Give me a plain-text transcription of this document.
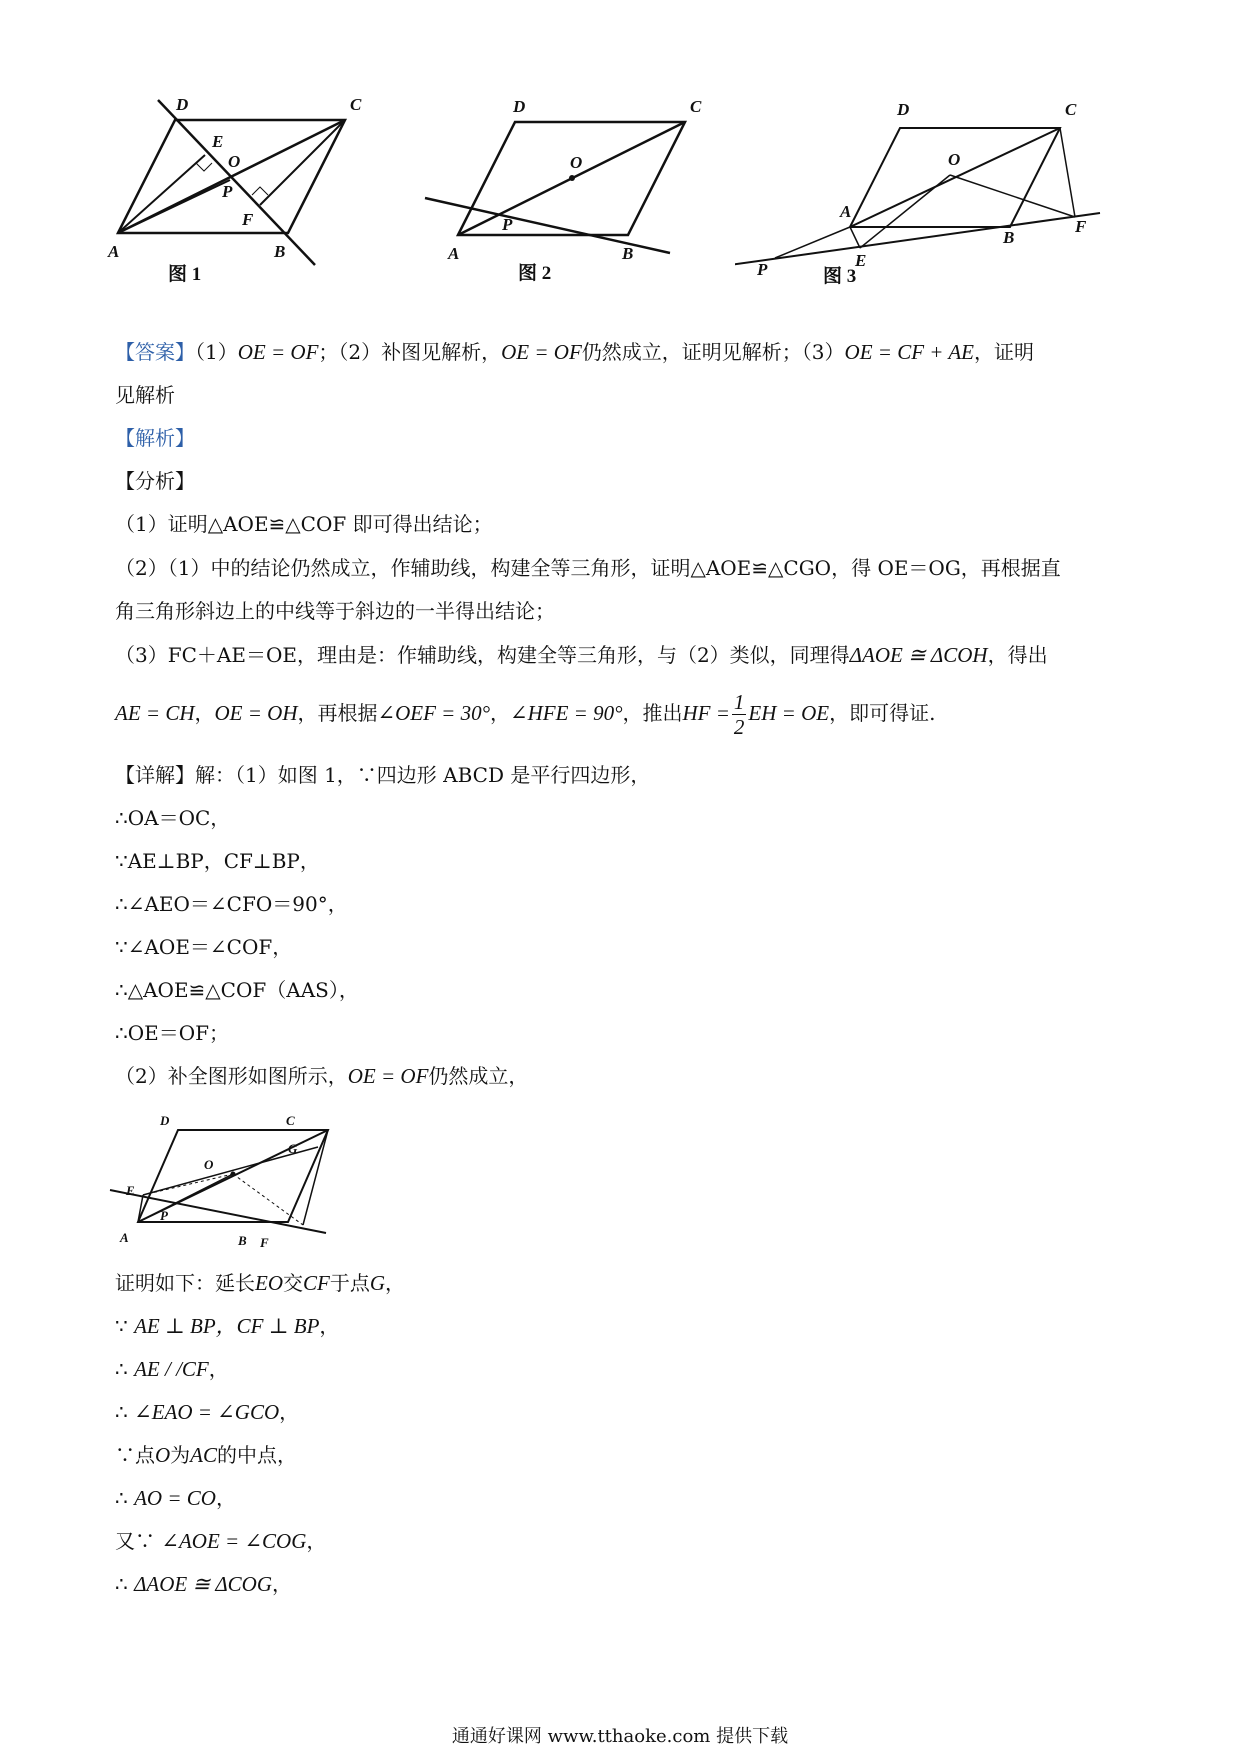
A	B
C
D
E
O
P
F
图 1
A	B
C
D
O
P
图 2
A
B
C
D
O
P	E
F
图 3
【答案】（1）OE = OF；（2）补图见解析，OE = OF仍然成立，证明见解析；（3）OE = CF + AE，证明
见解析
【解析】
【分析】
（1）证明△AOE≌△COF 即可得出结论；
（2）（1）中的结论仍然成立，作辅助线，构建全等三角形，证明△AOE≌△CGO，得 OE＝OG，再根据直
角三角形斜边上的中线等于斜边的一半得出结论；
（3）FC＋AE＝OE，理由是：作辅助线，构建全等三角形，与（2）类似，同理得ΔAOE ≅ ΔCOH，得出
AE = CH，OE = OH，再根据∠OEF = 30°，∠HFE = 90°，推出HF = $\frac{1}{2}$ EH = OE，即可得证.
【详解】解：（1）如图 1，∵四边形 ABCD 是平行四边形，
∴OA＝OC，
∵AE⊥BP，CF⊥BP，
∴∠AEO＝∠CFO＝90°，
∵∠AOE＝∠COF，
∴△AOE≌△COF（AAS），
∴OE＝OF；
（2）补全图形如图所示，OE = OF仍然成立，
A	B
C
D
E
O
P
F
G
证明如下：延长EO交CF于点G，
∵ AE ⊥ BP，CF ⊥ BP，
∴ AE / /CF，
∴ ∠EAO = ∠GCO，
∵点O为AC的中点，
∴ AO = CO，
又∵ ∠AOE = ∠COG，
∴ ΔAOE ≅ ΔCOG，
通通好课网 www.tthaoke.com 提供下载
